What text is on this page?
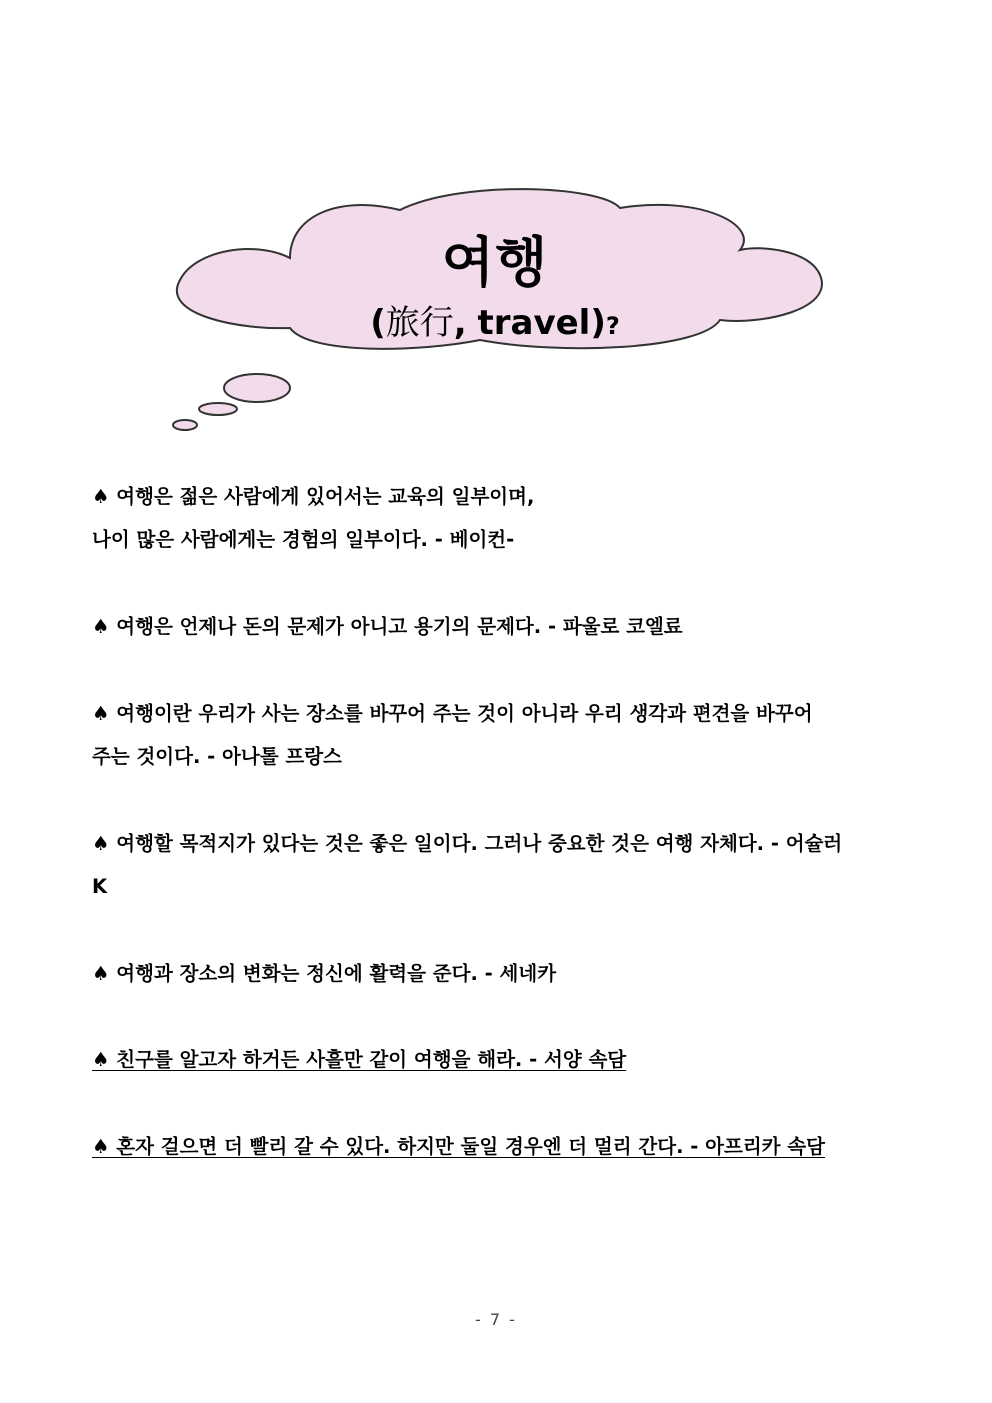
여행
(旅行, travel)?
♠ 여행은 젊은 사람에게 있어서는 교육의 일부이며,
나이 많은 사람에게는 경험의 일부이다. - 베이컨-
♠ 여행은 언제나 돈의 문제가 아니고 용기의 문제다. - 파울로 코엘료
♠ 여행이란 우리가 사는 장소를 바꾸어 주는 것이 아니라 우리 생각과 편견을 바꾸어
주는 것이다. - 아나톨 프랑스
♠ 여행할 목적지가 있다는 것은 좋은 일이다. 그러나 중요한 것은 여행 자체다. - 어슐러
K
♠ 여행과 장소의 변화는 정신에 활력을 준다. - 세네카
♠ 친구를 알고자 하거든 사흘만 같이 여행을 해라. - 서양 속담
♠ 혼자 걸으면 더 빨리 갈 수 있다. 하지만 둘일 경우엔 더 멀리 간다. - 아프리카 속담
- 7 -
